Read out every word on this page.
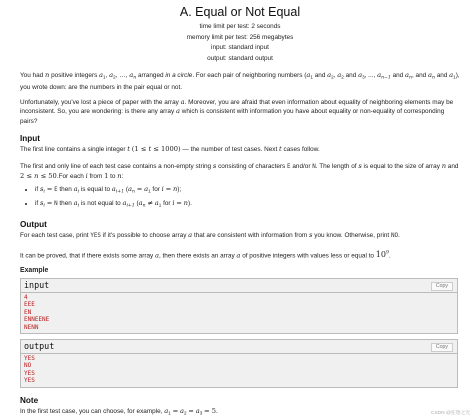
A. Equal or Not Equal
time limit per test: 2 seconds
memory limit per test: 256 megabytes
input: standard input
output: standard output
You had n positive integers $a_1$, $a_2$, …, $a_n$ arranged in a circle. For each pair of neighboring numbers ($a_1$ and $a_2$, $a_2$ and $a_3$, ..., $a_{n-1}$ and $a_n$, and $a_n$ and $a_1$), you wrote down: are the numbers in the pair equal or not.
Unfortunately, you've lost a piece of paper with the array a. Moreover, you are afraid that even information about equality of neighboring elements may be inconsistent. So, you are wondering: is there any array a which is consistent with information you have about equality or non-equality of corresponding pairs?
Input
The first line contains a single integer t (1 ≤ t ≤ 1000) — the number of test cases. Next t cases follow.
The first and only line of each test case contains a non-empty string s consisting of characters E and/or N. The length of s is equal to the size of array n and 2 ≤ n ≤ 50.For each i from 1 to n:
• if $s_i = E$ then $a_i$ is equal to $a_{i+1}$ ($a_n = a_1$ for i = n);
• if $s_i = N$ then $a_i$ is not equal to $a_{i+1}$ ($a_n \ne a_1$ for i = n).
Output
For each test case, print YES if it's possible to choose array a that are consistent with information from s you know. Otherwise, print NO.
It can be proved, that if there exists some array a, then there exists an array a of positive integers with values less or equal to $10^9$.
Example
input	Copy
4
EEE
EN
ENNEENE
NENN
output	Copy
YES
NO
YES
YES
Note
In the first test case, you can choose, for example, $a_1 = a_2 = a_3 = 5$.	CSDN @狂想之光
